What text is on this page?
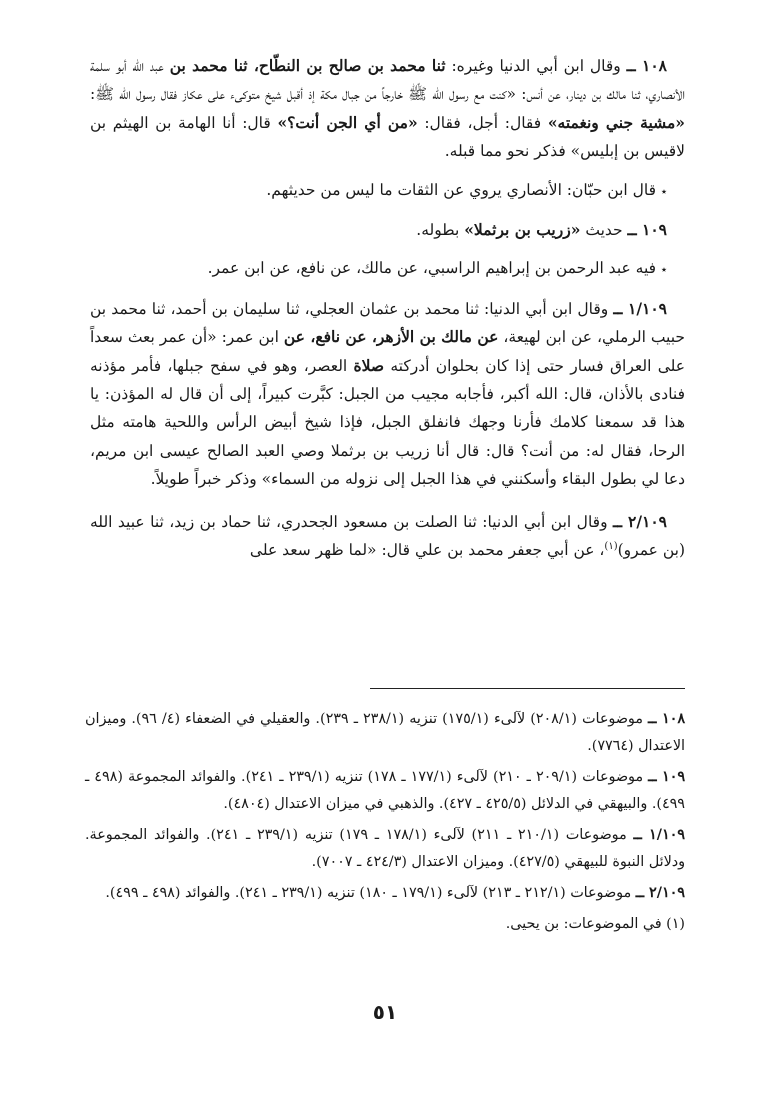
١٠٨ ــ وقال ابن أبي الدنيا وغيره: ثنا محمد بن صالح بن النطّاح، ثنا محمد بن عبد الله أبو سلمة الأنصاري، ثنا مالك بن دينار، عن أنس: «كنت مع رسول الله ﷺ خارجاً من جبال مكة إذ أقبل شيخ متوكىء على عكاز فقال رسول الله ﷺ: «مشية جني ونغمته» فقال: أجل، فقال: «من أي الجن أنت؟» قال: أنا الهامة بن الهيثم بن لاقيس بن إبليس» فذكر نحو مما قبله.

٭ قال ابن حبّان: الأنصاري يروي عن الثقات ما ليس من حديثهم.

١٠٩ ــ حديث «زريب بن برثملا» بطوله.

٭ فيه عبد الرحمن بن إبراهيم الراسبي، عن مالك، عن نافع، عن ابن عمر.

١/١٠٩ ــ وقال ابن أبي الدنيا: ثنا محمد بن عثمان العجلي، ثنا سليمان بن أحمد، ثنا محمد بن حبيب الرملي، عن ابن لهيعة، عن مالك بن الأزهر، عن نافع، عن ابن عمر: «أن عمر بعث سعداً على العراق فسار حتى إذا كان بحلوان أدركته صلاة العصر، وهو في سفح جبلها، فأمر مؤذنه فنادى بالأذان، قال: الله أكبر، فأجابه مجيب من الجبل: كبَّرت كبيراً، إلى أن قال له المؤذن: يا هذا قد سمعنا كلامك فأرنا وجهك فانفلق الجبل، فإذا شيخ أبيض الرأس واللحية هامته مثل الرحا، فقال له: من أنت؟ قال: قال أنا زريب بن برثملا وصي العبد الصالح عيسى ابن مريم، دعا لي بطول البقاء وأسكنني في هذا الجبل إلى نزوله من السماء» وذكر خبراً طويلاً.

٢/١٠٩ ــ وقال ابن أبي الدنيا: ثنا الصلت بن مسعود الجحدري، ثنا حماد بن زيد، ثنا عبيد الله (بن عمرو)$^{(١)}$، عن أبي جعفر محمد بن علي قال: «لما ظهر سعد على

١٠٨ ــ موضوعات (٢٠٨/١) لآلىء (١٧٥/١) تنزيه (٢٣٨/١ ـ ٢٣٩). والعقيلي في الضعفاء (٤/ ٩٦). وميزان الاعتدال (٧٧٦٤).

١٠٩ ــ موضوعات (٢٠٩/١ ـ ٢١٠) لآلىء (١٧٧/١ ـ ١٧٨) تنزيه (٢٣٩/١ ـ ٢٤١). والفوائد المجموعة (٤٩٨ ـ ٤٩٩). والبيهقي في الدلائل (٤٢٥/٥ ـ ٤٢٧). والذهبي في ميزان الاعتدال (٤٨٠٤).

١/١٠٩ ــ موضوعات (٢١٠/١ ـ ٢١١) لآلىء (١٧٨/١ ـ ١٧٩) تنزيه (٢٣٩/١ ـ ٢٤١). والفوائد المجموعة. ودلائل النبوة للبيهقي (٤٢٧/٥). وميزان الاعتدال (٤٢٤/٣ ـ ٧٠٠٧).

٢/١٠٩ ــ موضوعات (٢١٢/١ ـ ٢١٣) لآلىء (١٧٩/١ ـ ١٨٠) تنزيه (٢٣٩/١ ـ ٢٤١). والفوائد (٤٩٨ ـ ٤٩٩).

(١) في الموضوعات: بن يحيى.

٥١
